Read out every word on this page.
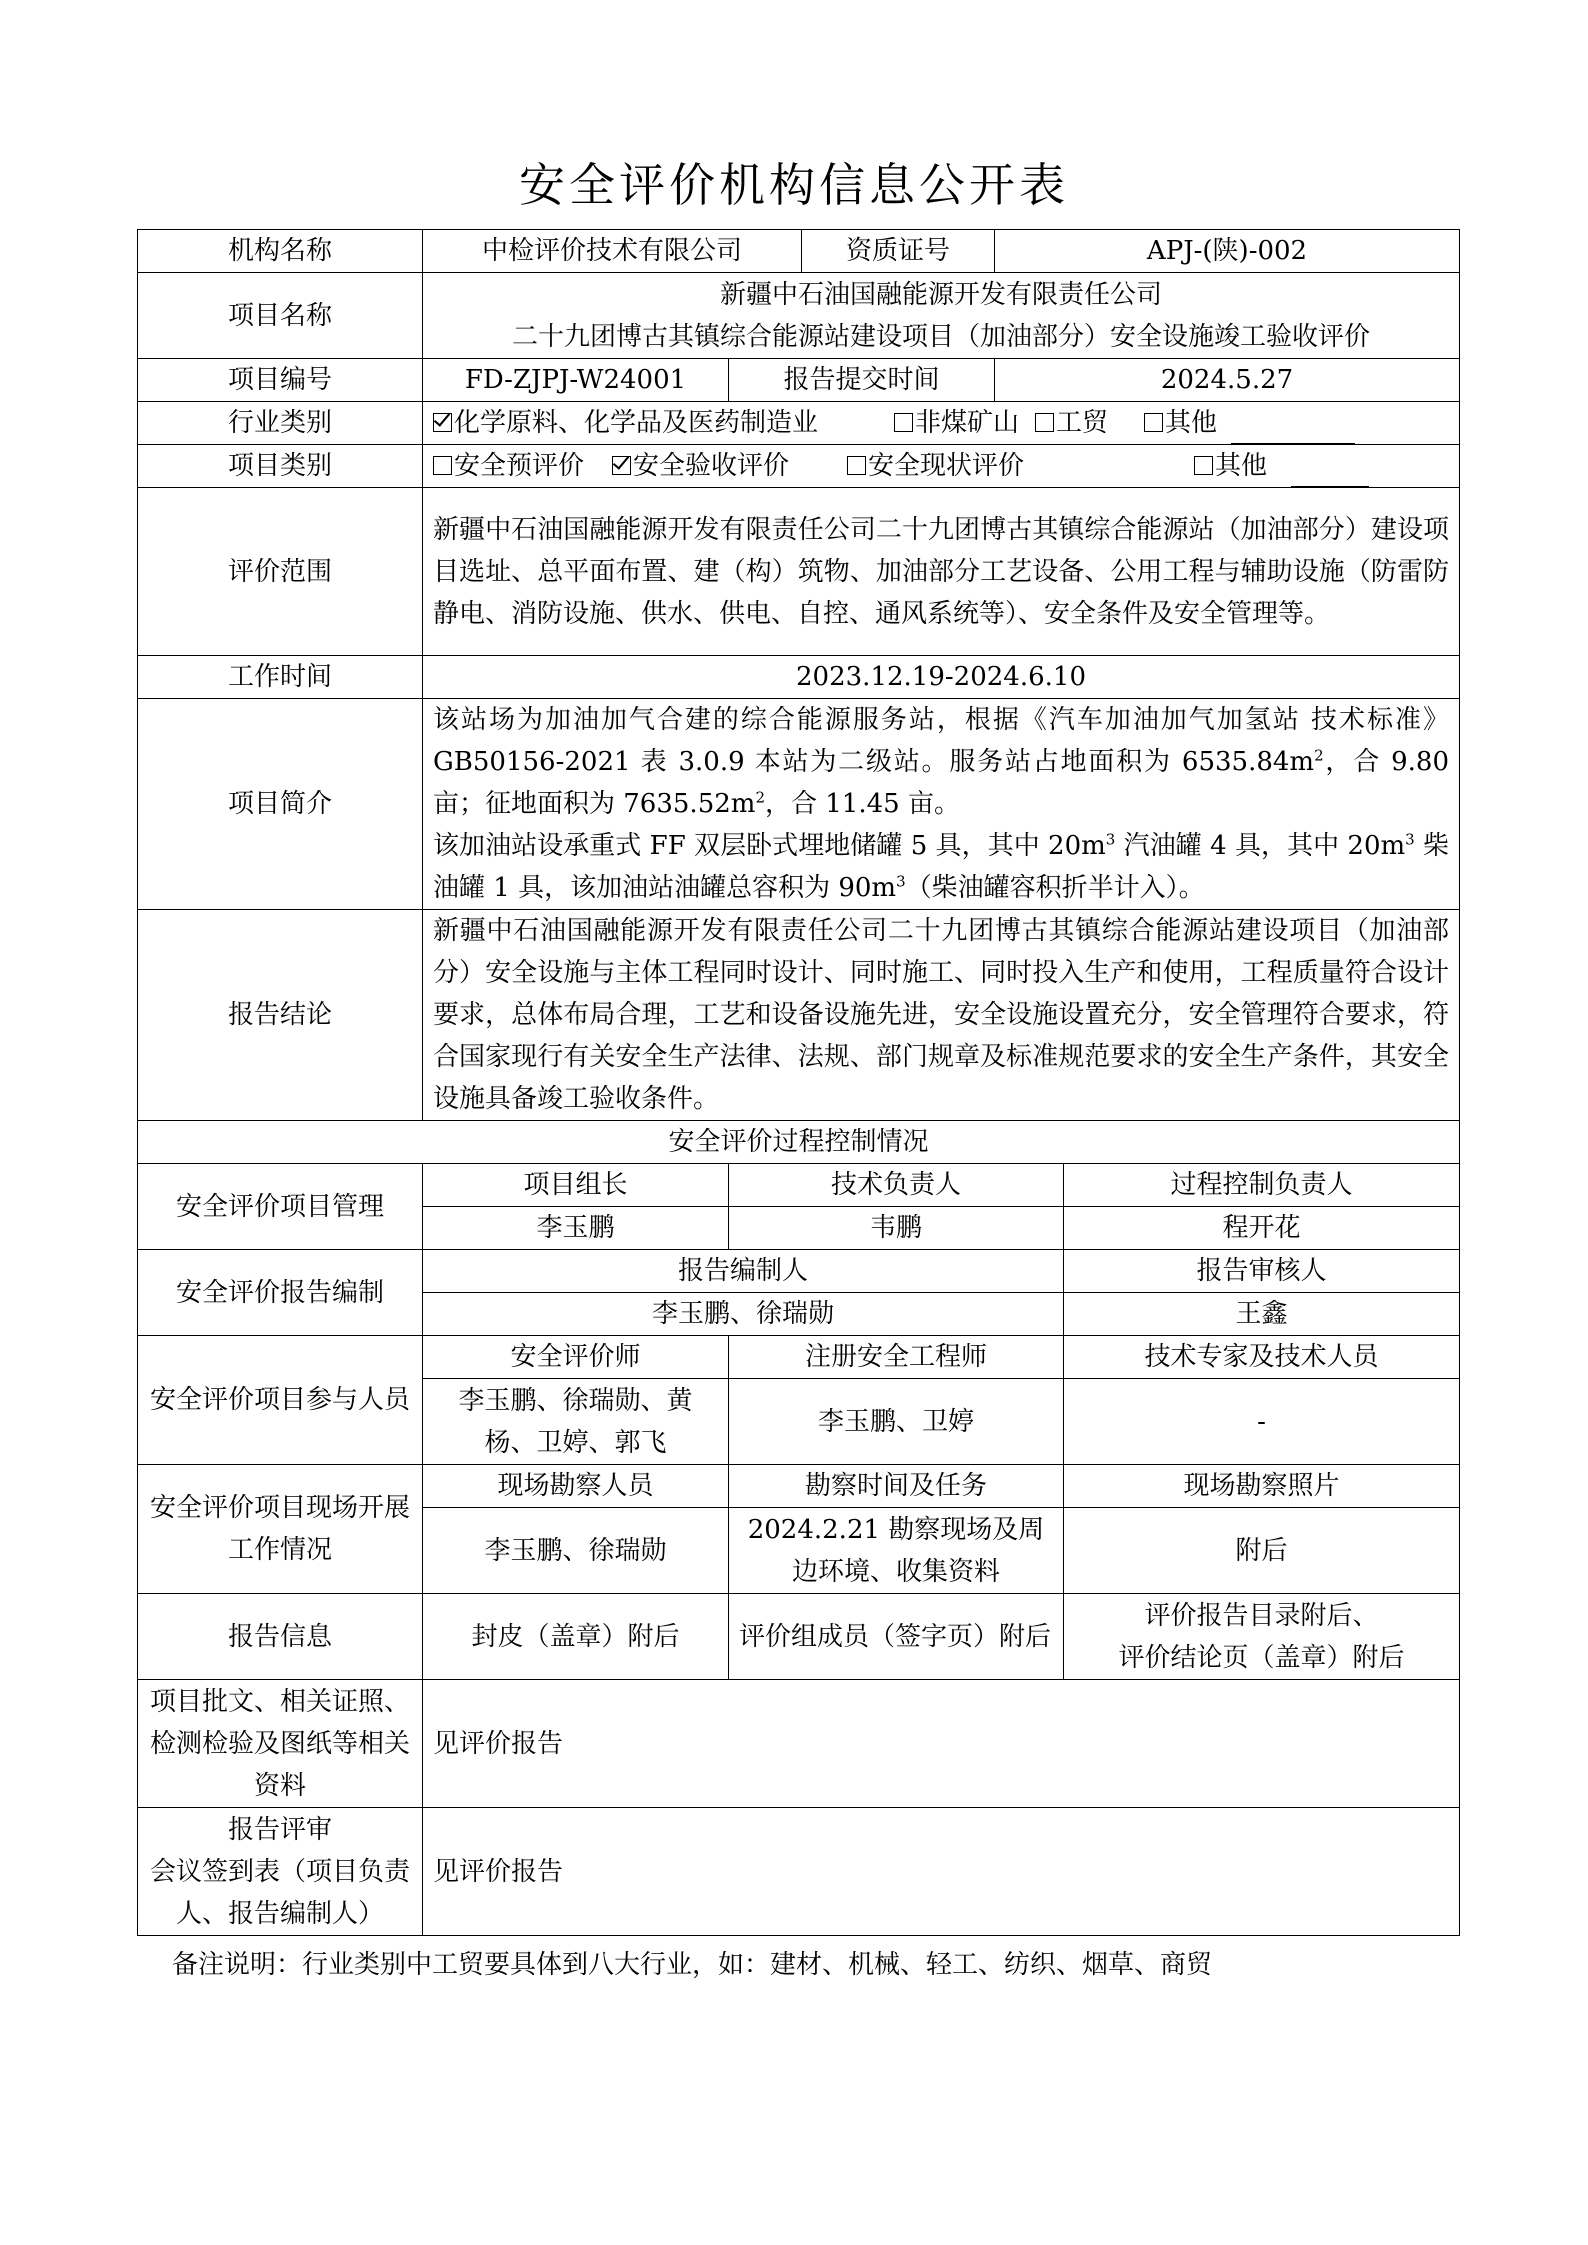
安全评价机构信息公开表
机构名称	中检评价技术有限公司		资质证号	APJ-(陕)-002	
项目名称	新疆中石油国融能源开发有限责任公司
二十九团博古其镇综合能源站建设项目（加油部分）安全设施竣工验收评价				

项目编号	FD-ZJPJ-W24001	报告提交时间		2024.5.27	
行业类别	化学原料、化学品及医药制造业 非煤矿山 工贸 其他				
项目类别	安全预评价 安全验收评价 安全现状评价 其他				
评价范围	新疆中石油国融能源开发有限责任公司二十九团博古其镇综合能源站（加油部分）建设项目选址、总平面布置、建（构）筑物、加油部分工艺设备、公用工程与辅助设施（防雷防静电、消防设施、供水、供电、自控、通风系统等）、安全条件及安全管理等。				
工作时间	2023.12.19-2024.6.10				
项目简介	该站场为加油加气合建的综合能源服务站，根据《汽车加油加气加氢站 技术标准》GB50156-2021 表 3.0.9 本站为二级站。服务站占地面积为 $6535.84m^2$，合 9.80 亩；征地面积为 $7635.52m^2$，合 11.45 亩。
该加油站设承重式 FF 双层卧式埋地储罐 5 具，其中 $20m^3$ 汽油罐 4 具，其中 $20m^3$ 柴油罐 1 具，该加油站油罐总容积为 $90m^3$（柴油罐容积折半计入）。				

报告结论	新疆中石油国融能源开发有限责任公司二十九团博古其镇综合能源站建设项目（加油部分）安全设施与主体工程同时设计、同时施工、同时投入生产和使用，工程质量符合设计要求，总体布局合理，工艺和设备设施先进，安全设施设置充分，安全管理符合要求，符合国家现行有关安全生产法律、法规、部门规章及标准规范要求的安全生产条件，其安全设施具备竣工验收条件。				
安全评价过程控制情况					
安全评价项目管理	项目组长	技术负责人			过程控制负责人
	李玉鹏	韦鹏			程开花
安全评价报告编制	报告编制人				报告审核人
	李玉鹏、徐瑞勋				王鑫
安全评价项目参与人员	安全评价师	注册安全工程师			技术专家及技术人员
	李玉鹏、徐瑞勋、黄杨、卫婷、郭飞	李玉鹏、卫婷			-
安全评价项目现场开展工作情况	现场勘察人员	勘察时间及任务			现场勘察照片
	李玉鹏、徐瑞勋	2024.2.21 勘察现场及周边环境、收集资料			附后
报告信息	封皮（盖章）附后	评价组成员（签字页）附后			评价报告目录附后、
评价结论页（盖章）附后

项目批文、相关证照、检测检验及图纸等相关资料	见评价报告				

报告评审
会议签到表（项目负责人、报告编制人）	见评价报告				
备注说明：行业类别中工贸要具体到八大行业，如：建材、机械、轻工、纺织、烟草、商贸
